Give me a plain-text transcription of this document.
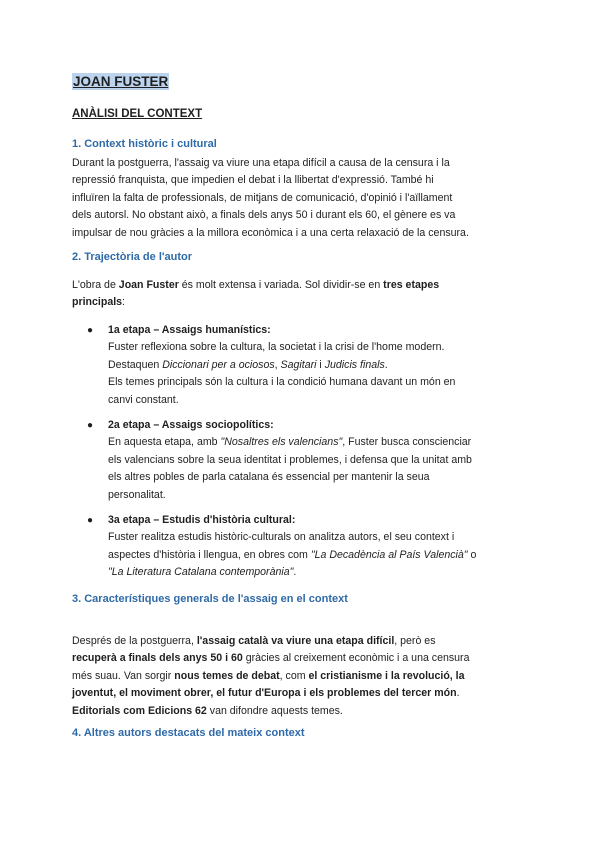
JOAN FUSTER
ANÀLISI DEL CONTEXT
1. Context històric i cultural
Durant la postguerra, l'assaig va viure una etapa difícil a causa de la censura i la
repressió franquista, que impedien el debat i la llibertat d'expressió. També hi
influïren la falta de professionals, de mitjans de comunicació, d'opinió i l'aïllament
dels autorsl. No obstant això, a finals dels anys 50 i durant els 60, el gènere es va
impulsar de nou gràcies a la millora econòmica i a una certa relaxació de la censura.
2. Trajectòria de l'autor
L'obra de Joan Fuster és molt extensa i variada. Sol dividir-se en tres etapes
principals:
●	1a etapa – Assaigs humanístics:
Fuster reflexiona sobre la cultura, la societat i la crisi de l'home modern.
Destaquen Diccionari per a ociosos, Sagitari i Judicis finals.
Els temes principals són la cultura i la condició humana davant un món en
canvi constant.
●	2a etapa – Assaigs sociopolítics:
En aquesta etapa, amb "Nosaltres els valencians", Fuster busca conscienciar
els valencians sobre la seua identitat i problemes, i defensa que la unitat amb
els altres pobles de parla catalana és essencial per mantenir la seua
personalitat.
●	3a etapa – Estudis d'història cultural:
Fuster realitza estudis històric-culturals on analitza autors, el seu context i
aspectes d'història i llengua, en obres com "La Decadència al País Valencià" o
"La Literatura Catalana contemporània".
3. Característiques generals de l'assaig en el context
Després de la postguerra, l'assaig català va viure una etapa difícil, però es
recuperà a finals dels anys 50 i 60 gràcies al creixement econòmic i a una censura
més suau. Van sorgir nous temes de debat, com el cristianisme i la revolució, la
joventut, el moviment obrer, el futur d'Europa i els problemes del tercer món.
Editorials com Edicions 62 van difondre aquests temes.
4. Altres autors destacats del mateix context
